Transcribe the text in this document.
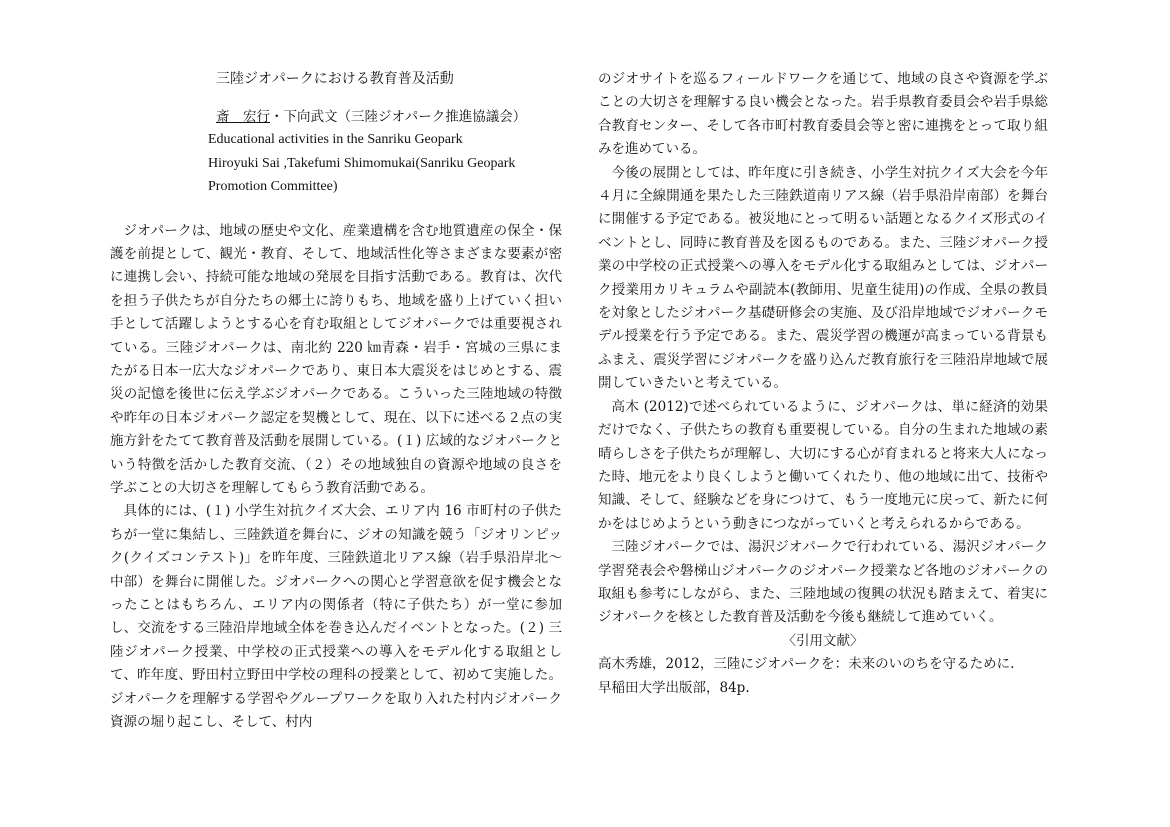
三陸ジオパークにおける教育普及活動
斎　宏行・下向武文（三陸ジオパーク推進協議会）
Educational activities in the Sanriku Geopark
Hiroyuki Sai ,Takefumi Shimomukai(Sanriku Geopark
Promotion Committee)

ジオパークは、地域の歴史や文化、産業遺構を含む地質遺産の保全・保護を前提として、観光・教育、そして、地域活性化等さまざまな要素が密に連携し会い、持続可能な地域の発展を目指す活動である。教育は、次代を担う子供たちが自分たちの郷土に誇りもち、地域を盛り上げていく担い手として活躍しようとする心を育む取組としてジオパークでは重要視されている。三陸ジオパークは、南北約 220 ㎞青森・岩手・宮城の三県にまたがる日本一広大なジオパークであり、東日本大震災をはじめとする、震災の記憶を後世に伝え学ぶジオパークである。こういった三陸地域の特徴や昨年の日本ジオパーク認定を契機として、現在、以下に述べる２点の実施方針をたてて教育普及活動を展開している。(１) 広域的なジオパークという特徴を活かした教育交流、（２）その地域独自の資源や地域の良さを学ぶことの大切さを理解してもらう教育活動である。

具体的には、(１) 小学生対抗クイズ大会、エリア内 16 市町村の子供たちが一堂に集結し、三陸鉄道を舞台に、ジオの知識を競う「ジオリンピック(クイズコンテスト)」を昨年度、三陸鉄道北リアス線（岩手県沿岸北～中部）を舞台に開催した。ジオパークへの関心と学習意欲を促す機会となったことはもちろん、エリア内の関係者（特に子供たち）が一堂に参加し、交流をする三陸沿岸地域全体を巻き込んだイベントとなった。(２) 三陸ジオパーク授業、中学校の正式授業への導入をモデル化する取組として、昨年度、野田村立野田中学校の理科の授業として、初めて実施した。ジオパークを理解する学習やグループワークを取り入れた村内ジオパーク資源の堀り起こし、そして、村内

のジオサイトを巡るフィールドワークを通じて、地域の良さや資源を学ぶことの大切さを理解する良い機会となった。岩手県教育委員会や岩手県総合教育センター、そして各市町村教育委員会等と密に連携をとって取り組みを進めている。

今後の展開としては、昨年度に引き続き、小学生対抗クイズ大会を今年４月に全線開通を果たした三陸鉄道南リアス線（岩手県沿岸南部）を舞台に開催する予定である。被災地にとって明るい話題となるクイズ形式のイベントとし、同時に教育普及を図るものである。また、三陸ジオパーク授業の中学校の正式授業への導入をモデル化する取組みとしては、ジオパーク授業用カリキュラムや副読本(教師用、児童生徒用)の作成、全県の教員を対象としたジオパーク基礎研修会の実施、及び沿岸地域でジオパークモデル授業を行う予定である。また、震災学習の機運が高まっている背景もふまえ、震災学習にジオパークを盛り込んだ教育旅行を三陸沿岸地域で展開していきたいと考えている。

高木 (2012)で述べられているように、ジオパークは、単に経済的効果だけでなく、子供たちの教育も重要視している。自分の生まれた地域の素晴らしさを子供たちが理解し、大切にする心が育まれると将来大人になった時、地元をより良くしようと働いてくれたり、他の地域に出て、技術や知識、そして、経験などを身につけて、もう一度地元に戻って、新たに何かをはじめようという動きにつながっていくと考えられるからである。

三陸ジオパークでは、湯沢ジオパークで行われている、湯沢ジオパーク学習発表会や磐梯山ジオパークのジオパーク授業など各地のジオパークの取組も参考にしながら、また、三陸地域の復興の状況も踏まえて、着実にジオパークを核とした教育普及活動を今後も継続して進めていく。

〈引用文献〉
高木秀雄，2012，三陸にジオパークを：未来のいのちを守るために.
早稲田大学出版部，84p.
